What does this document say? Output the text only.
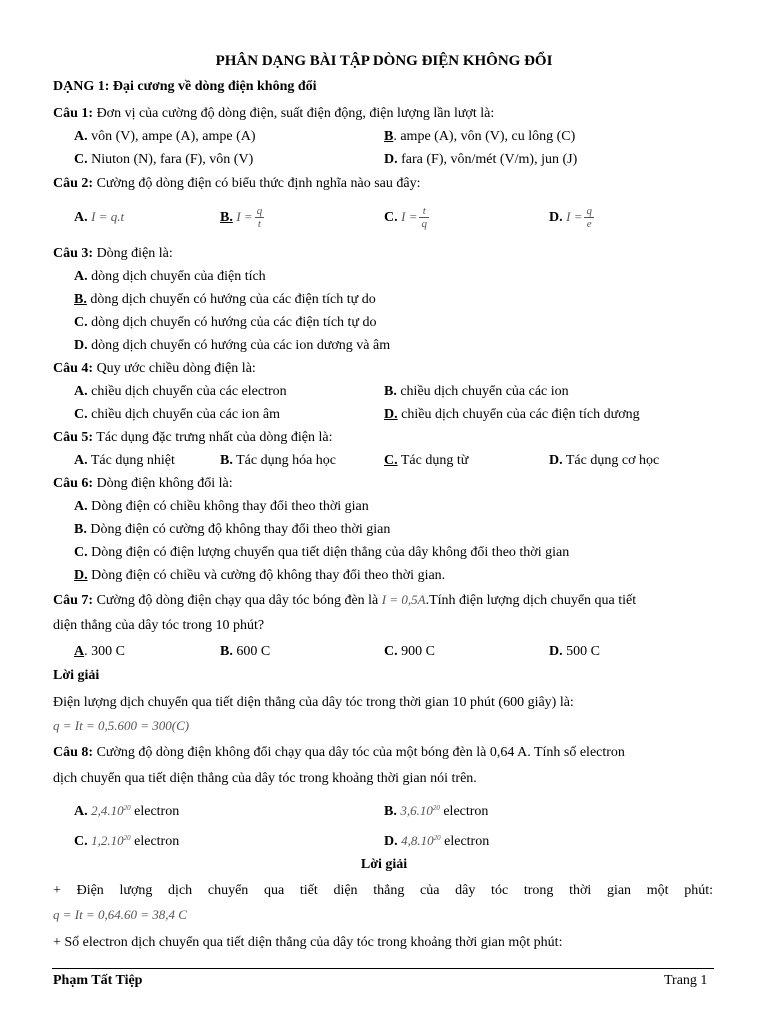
PHÂN DẠNG BÀI TẬP DÒNG ĐIỆN KHÔNG ĐỔI
DẠNG 1: Đại cương về dòng điện không đổi
Câu 1: Đơn vị của cường độ dòng điện, suất điện động, điện lượng lần lượt là:
A. vôn (V), ampe (A), ampe (A)	B. ampe (A), vôn (V), cu lông (C)
C. Niuton (N), fara (F), vôn (V)	D. fara (F), vôn/mét (V/m), jun (J)
Câu 2: Cường độ dòng điện có biểu thức định nghĩa nào sau đây:
A. I = q.t	B. $I = \frac{q}{t}$	C. $I = \frac{t}{q}$	D. $I = \frac{q}{e}$
Câu 3: Dòng điện là:
A. dòng dịch chuyển của điện tích
B. dòng dịch chuyển có hướng của các điện tích tự do
C. dòng dịch chuyển có hướng của các điện tích tự do
D. dòng dịch chuyển có hướng của các ion dương và âm
Câu 4: Quy ước chiều dòng điện là:
A. chiều dịch chuyển của các electron	B. chiều dịch chuyển của các ion
C. chiều dịch chuyển của các ion âm	D. chiều dịch chuyển của các điện tích dương
Câu 5: Tác dụng đặc trưng nhất của dòng điện là:
A. Tác dụng nhiệt	B. Tác dụng hóa học	C. Tác dụng từ	D. Tác dụng cơ học
Câu 6: Dòng điện không đổi là:
A. Dòng điện có chiều không thay đổi theo thời gian
B. Dòng điện có cường độ không thay đổi theo thời gian
C. Dòng điện có điện lượng chuyển qua tiết diện thẳng của dây không đổi theo thời gian
D. Dòng điện có chiều và cường độ không thay đổi theo thời gian.
Câu 7: Cường độ dòng điện chạy qua dây tóc bóng đèn là I = 0,5A.Tính điện lượng dịch chuyển qua tiết
diện thẳng của dây tóc trong 10 phút?
A. 300 C	B. 600 C	C. 900 C	D. 500 C
Lời giải
Điện lượng dịch chuyển qua tiết diện thẳng của dây tóc trong thời gian 10 phút (600 giây) là:
q = It = 0,5.600 = 300(C)
Câu 8: Cường độ dòng điện không đổi chạy qua dây tóc của một bóng đèn là 0,64 A. Tính số electron
dịch chuyển qua tiết diện thẳng của dây tóc trong khoảng thời gian nói trên.
A. 2,4.10$^{20}$ electron	B. 3,6.10$^{20}$ electron
C. 1,2.10$^{20}$ electron	D. 4,8.10$^{20}$ electron
Lời giải
+ Điện lượng dịch chuyển qua tiết diện thẳng của dây tóc trong thời gian một phút:
q = It = 0,64.60 = 38,4 C
+ Số electron dịch chuyển qua tiết diện thẳng của dây tóc trong khoảng thời gian một phút:
Phạm Tất Tiệp	Trang 1
